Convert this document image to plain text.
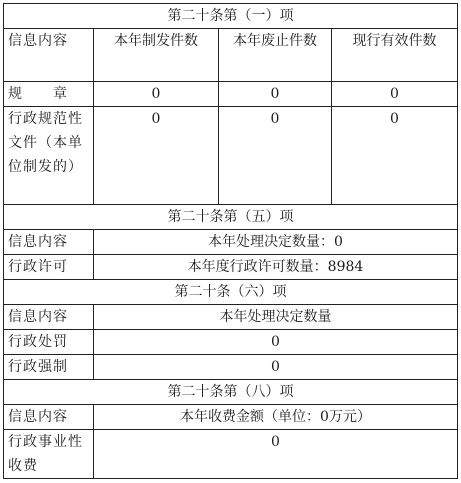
第二十条第（一）项			
信息内容	本年制发件数	本年废止件数	现行有效件数
规　　章	0	0	0
行政规范性文件（本单位制发的）	0	0	0
第二十条第（五）项			
信息内容	本年处理决定数量：0		
行政许可	本年度行政许可数量：8984		
第二十条（六）项			
信息内容	本年处理决定数量		
行政处罚	0		
行政强制	0		
第二十条第（八）项			
信息内容	本年收费金额（单位：0万元）		
行政事业性收费	0		
